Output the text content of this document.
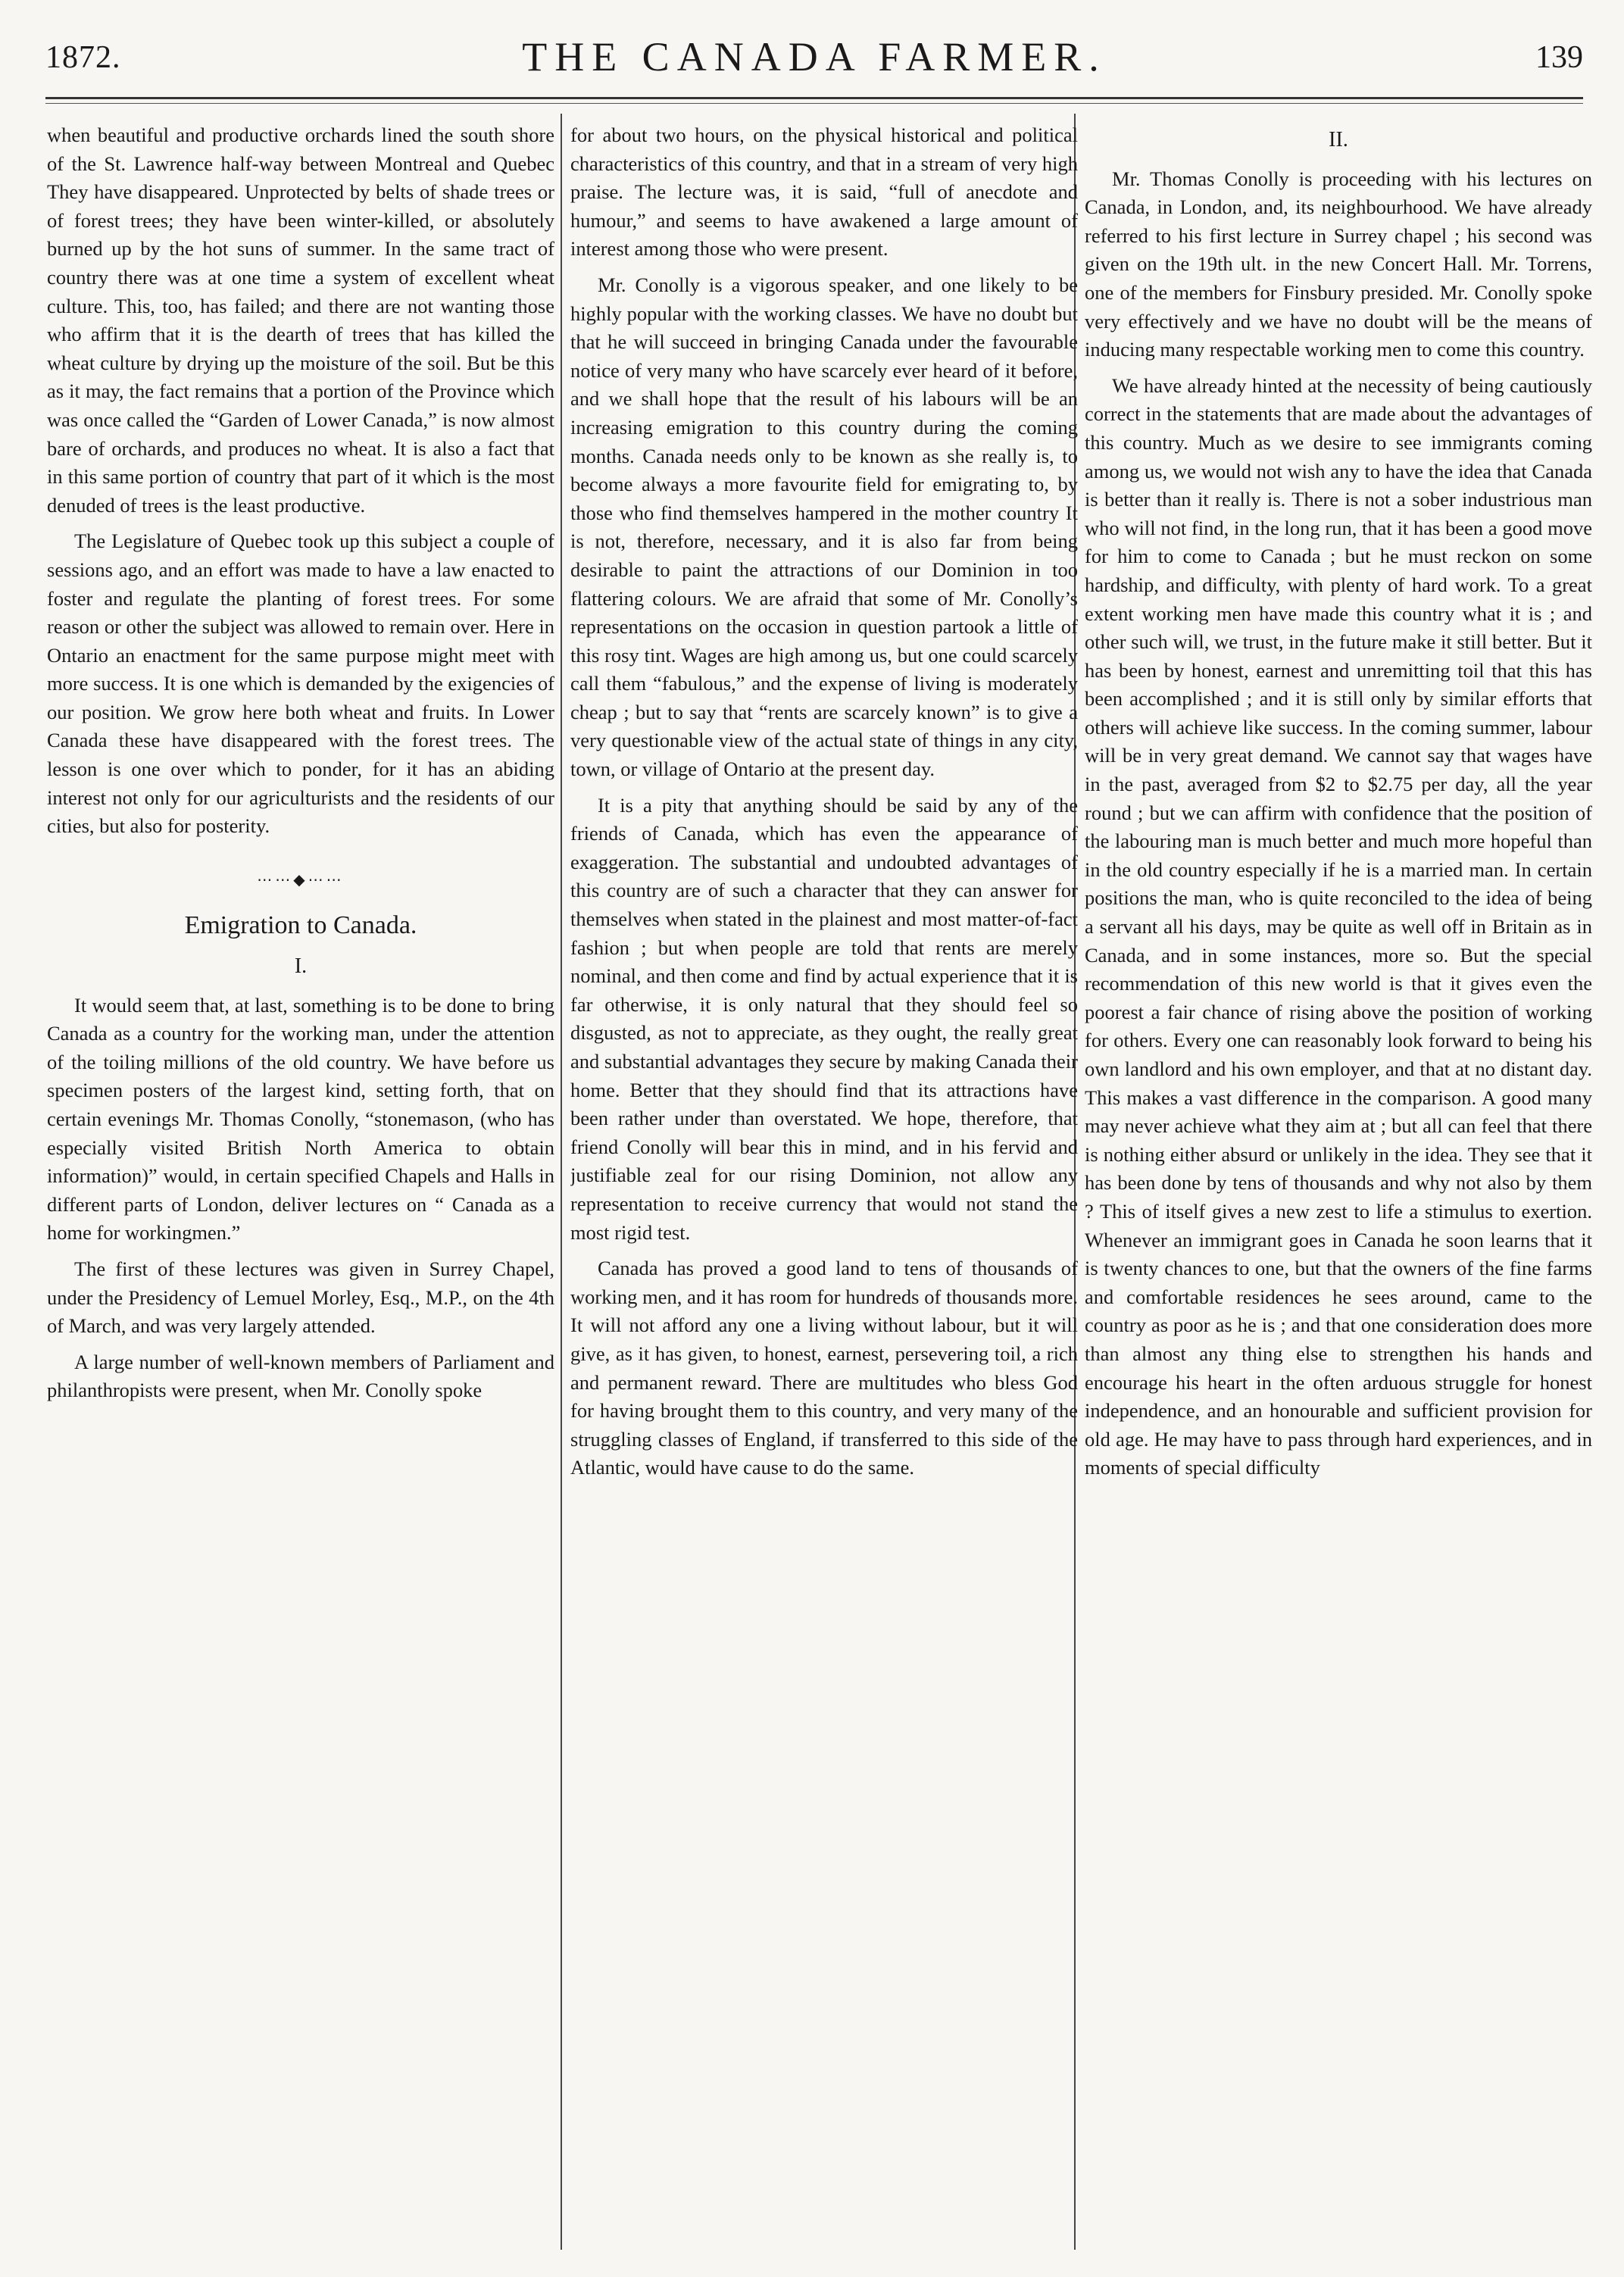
1872.	THE CANADA FARMER.	139

when beautiful and productive orchards lined the south shore of the St. Lawrence half-way between Montreal and Quebec They have disappeared. Unprotected by belts of shade trees or of forest trees; they have been winter-killed, or absolutely burned up by the hot suns of summer. In the same tract of country there was at one time a system of excellent wheat culture. This, too, has failed; and there are not wanting those who affirm that it is the dearth of trees that has killed the wheat culture by drying up the moisture of the soil. But be this as it may, the fact remains that a portion of the Province which was once called the “Garden of Lower Canada,” is now almost bare of orchards, and produces no wheat. It is also a fact that in this same portion of country that part of it which is the most denuded of trees is the least productive.

The Legislature of Quebec took up this subject a couple of sessions ago, and an effort was made to have a law enacted to foster and regulate the planting of forest trees. For some reason or other the subject was allowed to remain over. Here in Ontario an enactment for the same purpose might meet with more success. It is one which is demanded by the exigencies of our position. We grow here both wheat and fruits. In Lower Canada these have disappeared with the forest trees. The lesson is one over which to ponder, for it has an abiding interest not only for our agriculturists and the residents of our cities, but also for posterity.

⋯⋯◆⋯⋯
Emigration to Canada.
I.

It would seem that, at last, something is to be done to bring Canada as a country for the working man, under the attention of the toiling millions of the old country. We have before us specimen posters of the largest kind, setting forth, that on certain evenings Mr. Thomas Conolly, “stonemason, (who has especially visited British North America to obtain information)” would, in certain specified Chapels and Halls in different parts of London, deliver lectures on “ Canada as a home for workingmen.”

The first of these lectures was given in Surrey Chapel, under the Presidency of Lemuel Morley, Esq., M.P., on the 4th of March, and was very largely attended.

A large number of well-known members of Parliament and philanthropists were present, when Mr. Conolly spoke

for about two hours, on the physical historical and political characteristics of this country, and that in a stream of very high praise. The lecture was, it is said, “full of anecdote and humour,” and seems to have awakened a large amount of interest among those who were present.

Mr. Conolly is a vigorous speaker, and one likely to be highly popular with the working classes. We have no doubt but that he will succeed in bringing Canada under the favourable notice of very many who have scarcely ever heard of it before, and we shall hope that the result of his labours will be an increasing emigration to this country during the coming months. Canada needs only to be known as she really is, to become always a more favourite field for emigrating to, by those who find themselves hampered in the mother country It is not, therefore, necessary, and it is also far from being desirable to paint the attractions of our Dominion in too flattering colours. We are afraid that some of Mr. Conolly’s representations on the occasion in question partook a little of this rosy tint. Wages are high among us, but one could scarcely call them “fabulous,” and the expense of living is moderately cheap ; but to say that “rents are scarcely known” is to give a very questionable view of the actual state of things in any city, town, or village of Ontario at the present day.

It is a pity that anything should be said by any of the friends of Canada, which has even the appearance of exaggeration. The substantial and undoubted advantages of this country are of such a character that they can answer for themselves when stated in the plainest and most matter-of-fact fashion ; but when people are told that rents are merely nominal, and then come and find by actual experience that it is far otherwise, it is only natural that they should feel so disgusted, as not to appreciate, as they ought, the really great and substantial advantages they secure by making Canada their home. Better that they should find that its attractions have been rather under than overstated. We hope, therefore, that friend Conolly will bear this in mind, and in his fervid and justifiable zeal for our rising Dominion, not allow any representation to receive currency that would not stand the most rigid test.

Canada has proved a good land to tens of thousands of working men, and it has room for hundreds of thousands more. It will not afford any one a living without labour, but it will give, as it has given, to honest, earnest, persevering toil, a rich and permanent reward. There are multitudes who bless God for having brought them to this country, and very many of the struggling classes of England, if transferred to this side of the Atlantic, would have cause to do the same.

II.

Mr. Thomas Conolly is proceeding with his lectures on Canada, in London, and, its neighbourhood. We have already referred to his first lecture in Surrey chapel ; his second was given on the 19th ult. in the new Concert Hall. Mr. Torrens, one of the members for Finsbury presided. Mr. Conolly spoke very effectively and we have no doubt will be the means of inducing many respectable working men to come this country.

We have already hinted at the necessity of being cautiously correct in the statements that are made about the advantages of this country. Much as we desire to see immigrants coming among us, we would not wish any to have the idea that Canada is better than it really is. There is not a sober industrious man who will not find, in the long run, that it has been a good move for him to come to Canada ; but he must reckon on some hardship, and difficulty, with plenty of hard work. To a great extent working men have made this country what it is ; and other such will, we trust, in the future make it still better. But it has been by honest, earnest and unremitting toil that this has been accomplished ; and it is still only by similar efforts that others will achieve like success. In the coming summer, labour will be in very great demand. We cannot say that wages have in the past, averaged from $2 to $2.75 per day, all the year round ; but we can affirm with confidence that the position of the labouring man is much better and much more hopeful than in the old country especially if he is a married man. In certain positions the man, who is quite reconciled to the idea of being a servant all his days, may be quite as well off in Britain as in Canada, and in some instances, more so. But the special recommendation of this new world is that it gives even the poorest a fair chance of rising above the position of working for others. Every one can reasonably look forward to being his own landlord and his own employer, and that at no distant day. This makes a vast difference in the comparison. A good many may never achieve what they aim at ; but all can feel that there is nothing either absurd or unlikely in the idea. They see that it has been done by tens of thousands and why not also by them ? This of itself gives a new zest to life a stimulus to exertion. Whenever an immigrant goes in Canada he soon learns that it is twenty chances to one, but that the owners of the fine farms and comfortable residences he sees around, came to the country as poor as he is ; and that one consideration does more than almost any thing else to strengthen his hands and encourage his heart in the often arduous struggle for honest independence, and an honourable and sufficient provision for old age. He may have to pass through hard experiences, and in moments of special difficulty
